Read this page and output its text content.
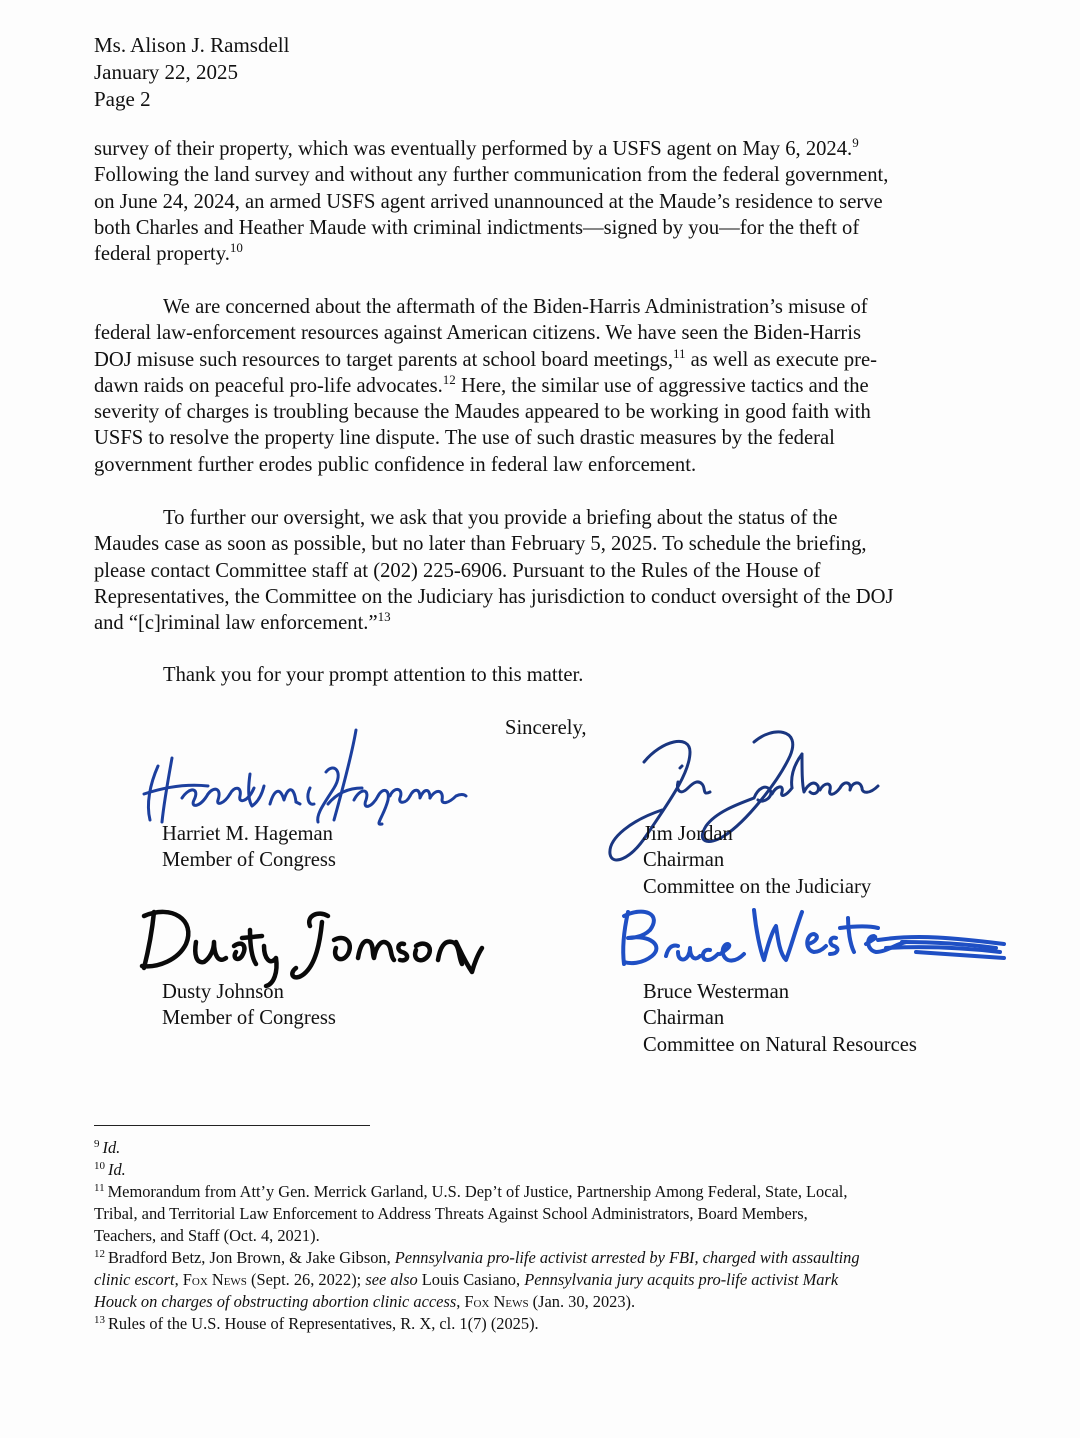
Ms. Alison J. Ramsdell
January 22, 2025
Page 2
survey of their property, which was eventually performed by a USFS agent on May 6, 2024.$^9$
Following the land survey and without any further communication from the federal government,
on June 24, 2024, an armed USFS agent arrived unannounced at the Maude’s residence to serve
both Charles and Heather Maude with criminal indictments—signed by you—for the theft of
federal property.$^{10}$
We are concerned about the aftermath of the Biden-Harris Administration’s misuse of
federal law-enforcement resources against American citizens. We have seen the Biden-Harris
DOJ misuse such resources to target parents at school board meetings,$^{11}$ as well as execute pre-
dawn raids on peaceful pro-life advocates.$^{12}$ Here, the similar use of aggressive tactics and the
severity of charges is troubling because the Maudes appeared to be working in good faith with
USFS to resolve the property line dispute. The use of such drastic measures by the federal
government further erodes public confidence in federal law enforcement.
To further our oversight, we ask that you provide a briefing about the status of the
Maudes case as soon as possible, but no later than February 5, 2025. To schedule the briefing,
please contact Committee staff at (202) 225-6906. Pursuant to the Rules of the House of
Representatives, the Committee on the Judiciary has jurisdiction to conduct oversight of the DOJ
and “[c]riminal law enforcement.”$^{13}$
Thank you for your prompt attention to this matter.
Sincerely,
Harriet M. Hageman
Member of Congress
Jim Jordan
Chairman
Committee on the Judiciary
Dusty Johnson
Member of Congress
Bruce Westerman
Chairman
Committee on Natural Resources
$^9$ Id.
$^{10}$ Id.
$^{11}$ Memorandum from Att’y Gen. Merrick Garland, U.S. Dep’t of Justice, Partnership Among Federal, State, Local,
Tribal, and Territorial Law Enforcement to Address Threats Against School Administrators, Board Members,
Teachers, and Staff (Oct. 4, 2021).
$^{12}$ Bradford Betz, Jon Brown, & Jake Gibson, Pennsylvania pro-life activist arrested by FBI, charged with assaulting
clinic escort, Fox News (Sept. 26, 2022); see also Louis Casiano, Pennsylvania jury acquits pro-life activist Mark
Houck on charges of obstructing abortion clinic access, Fox News (Jan. 30, 2023).
$^{13}$ Rules of the U.S. House of Representatives, R. X, cl. 1(7) (2025).
